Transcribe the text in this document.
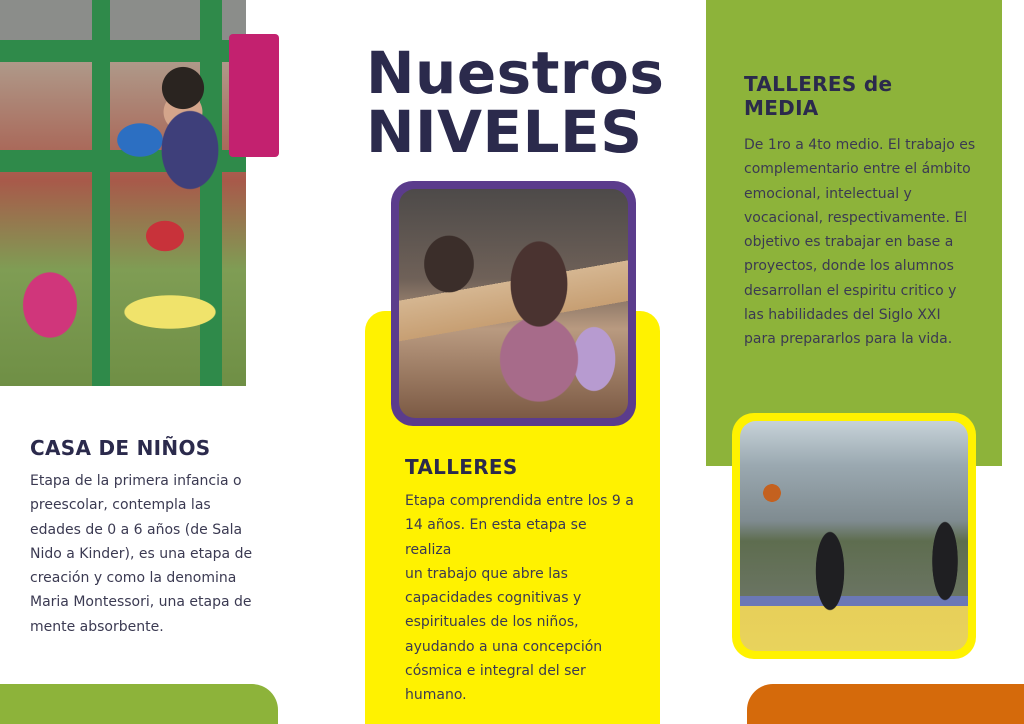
Nuestros
NIVELES
CASA DE NIÑOS
Etapa de la primera infancia o
preescolar, contempla las
edades de 0 a 6 años (de Sala
Nido a Kinder), es una etapa de
creación y como la denomina
Maria Montessori, una etapa de
mente absorbente.
TALLERES
Etapa comprendida entre los 9 a
14 años. En esta etapa se realiza
un trabajo que abre las
capacidades cognitivas y
espirituales de los niños,
ayudando a una concepción
cósmica e integral del ser
humano.
TALLERES de
MEDIA
De 1ro a 4to medio. El trabajo es
complementario entre el ámbito
emocional, intelectual y
vocacional, respectivamente. El
objetivo es trabajar en base a
proyectos, donde los alumnos
desarrollan el espiritu critico y
las habilidades del Siglo XXI
para prepararlos para la vida.
